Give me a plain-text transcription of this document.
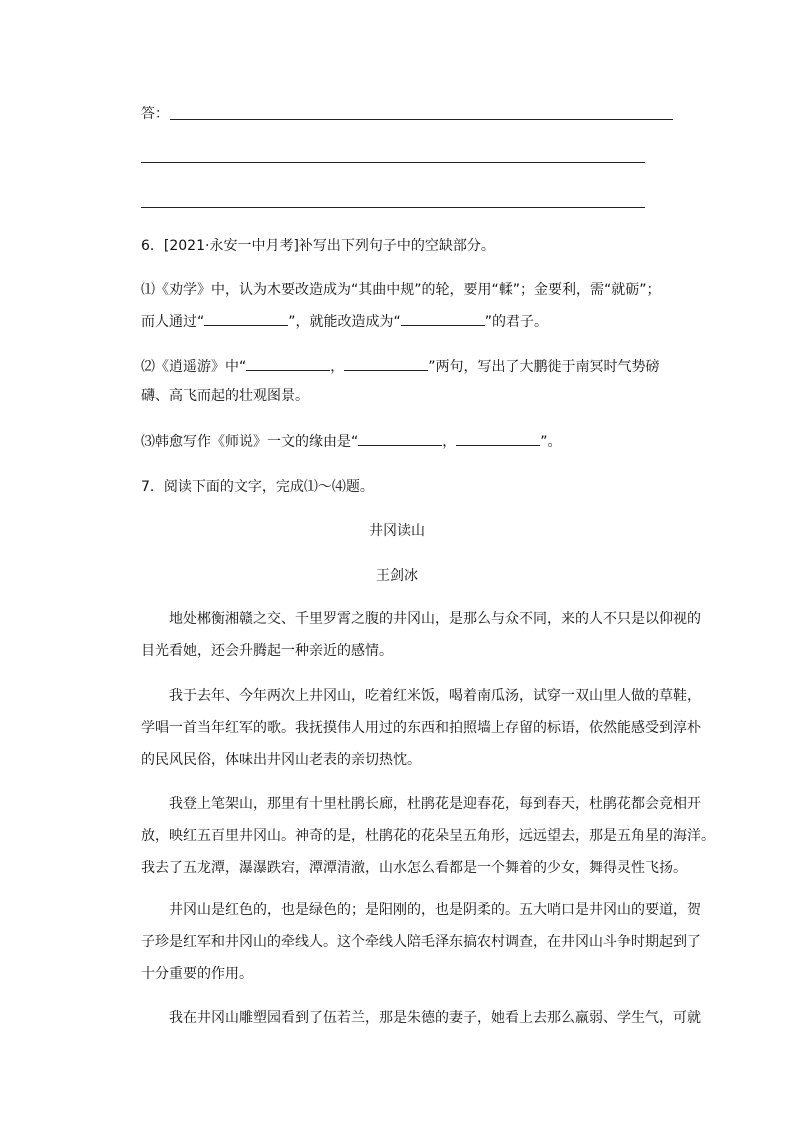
答：
6．[2021·永安一中月考]补写出下列句子中的空缺部分。
⑴《劝学》中，认为木要改造成为“其曲中规”的轮，要用“輮”；金要利，需“就砺”；
而人通过“	”，就能改造成为“	”的君子。
⑵《逍遥游》中“	，	”两句，写出了大鹏徙于南冥时气势磅
礴、高飞而起的壮观图景。
⑶韩愈写作《师说》一文的缘由是“	，	”。
7．阅读下面的文字，完成⑴～⑷题。
井冈读山
王剑冰
　　地处郴衡湘赣之交、千里罗霄之腹的井冈山，是那么与众不同，来的人不只是以仰视的
目光看她，还会升腾起一种亲近的感情。
　　我于去年、今年两次上井冈山，吃着红米饭，喝着南瓜汤，试穿一双山里人做的草鞋，
学唱一首当年红军的歌。我抚摸伟人用过的东西和拍照墙上存留的标语，依然能感受到淳朴
的民风民俗，体味出井冈山老表的亲切热忱。
　　我登上笔架山，那里有十里杜鹃长廊，杜鹃花是迎春花，每到春天，杜鹃花都会竞相开
放，映红五百里井冈山。神奇的是，杜鹃花的花朵呈五角形，远远望去，那是五角星的海洋。
我去了五龙潭，瀑瀑跌宕，潭潭清澈，山水怎么看都是一个舞着的少女，舞得灵性飞扬。
　　井冈山是红色的，也是绿色的；是阳刚的，也是阴柔的。五大哨口是井冈山的要道，贺
子珍是红军和井冈山的牵线人。这个牵线人陪毛泽东搞农村调查，在井冈山斗争时期起到了
十分重要的作用。
　　我在井冈山雕塑园看到了伍若兰，那是朱德的妻子，她看上去那么羸弱、学生气，可就
